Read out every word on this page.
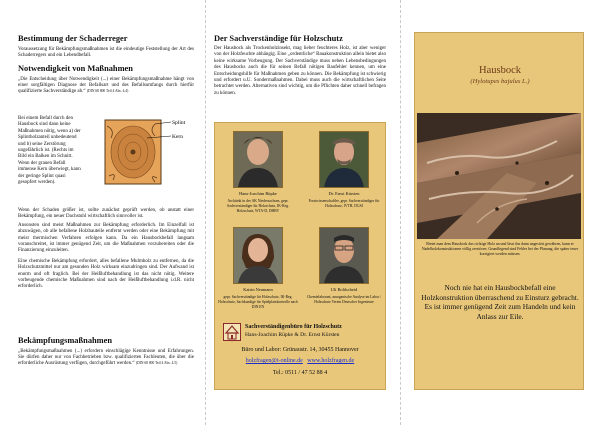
Bestimmung der Schaderreger

Voraussetzung für Bekämpfungsmaßnahmen ist die eindeutige Feststellung der Art des Schaderregers und ein Lebendbefall.

Notwendigkeit von Maßnahmen

„Die Entscheidung über Notwendigkeit (...) einer Bekämpfungsmaßnahme hängt von einer sorgfältigen Diagnose der Befallsart und des Befallsumfangs durch hierfür qualifizierte Sachverständige ab.“ (DIN 68 800 Teil 4 Abs. 4.4)

Bei einem Befall durch den Hausbock sind dann keine Maßnahmen nötig, wenn a) der Splintholzanteil unbedeutend und b) seine Zerstörung ungefährlich ist. (Rechts im Bild ein Balken im Schnitt. Wenn der grauen Befall immense Kern überwiegt, kann der geringe Splint quasi gesopfert werden).

Splint
Kern

Wenn der Schaden größer ist, sollte zunächst geprüft werden, ob anstatt einer Bekämpfung, ein neuer Dachstuhl wirtschaftlich sinnvoller ist.

Ansonsten sind meist Maßnahmen zur Bekämpfung erforderlich. Im Einzelfall ist abzuwägen, ob alle befallene Holzbauteile entfernt werden oder eine Bekämpfung mit meist thermischen Verfahren erfolgen kann. Da ein Hausbockbefall langsam voranschreitet, ist immer genügend Zeit, um die Maßnahmen vorzubereiten oder die Finanzierung einzuleiten.

Eine chemische Bekämpfung erfordert, alles befallene Mulmholz zu entfernen, da die Holzschutzmittel nur am gesunden Holz wirksam einzudringen sind. Der Aufwand ist enorm und oft fraglich. Bei der Heißluftbehandlung ist das nicht nötig. Weitere vorbeugende chemische Maßnahmen sind nach der Heißluftbehandlung i.d.R. nicht erforderlich.

Bekämpfungsmaßnahmen

„Bekämpfungsmaßnahmen (...) erfordern einschlägige Kenntnisse und Erfahrungen. Sie dürfen daher nur von Fachbetrieben bzw. qualifizierten Fachleuten, die über die erforderliche Ausrüstung verfügen, durchgeführt werden.“ (DIN 68 800 Teil 4 Abs. 4.5)

Der Sachverständige für Holzschutz

Der Hausbock als Trockenholzinsekt, mag lieber feuchteres Holz, ist aber weniger von der Holzfeuchte abhängig. Eine „ordentliche“ Bauakonstruktion allein bietet also keine wirksame Vorbeugung. Der Sachverständige muss neben Lebensbedingungen des Hausbocks auch die für seinen Befall nötigen Baufehler kennen, um eine Entscheidungshilfe für Maßnahmen geben zu können. Die Bekämpfung ist schwierig und erfordert u.U. Sondermaßnahmen. Dabei muss auch die wirtschaftlichen Seite betrachtet werden. Alternativen sind wichtig, um die Pflichten daher schnell befragen zu können.

Hans-Joachim Rüpke
Architekt in der AK Niedersachsen, gepr. Sachverständiger für Holzschutz, IK-Reg. Holzschutz, WTA-D, DHBV
Dr. Ernst Kürsten
Forstwissenschaftler, gepr. Sachverständiger für Holzschutz, IVTH, DGSI
Katrin Neumann
gepr. Sachverständige für Holzschutz, IK-Reg. Holzschutz, Sachkundige für Spielplatzkontrolle nach DIN EN
Uli Bohlscheid
Chemielaborant, anorganische Analyse im Labor / Holzschutz Verein Deutscher Ingenieure
Sachverständigenbüro für Holzschutz
Hans-Joachim Rüpke & Dr. Ernst Kürsten
Büro und Labor: Grünaustr. 14, 30455 Hannover
holzfragen@t-online.de www.holzfragen.de
Tel.: 0511 / 47 52 88 4
Hausbock
(Hylotupes bajulus L.)
Bietet man dem Hausbock das richtige Holz an und lässt ihn dann ungestört gewähren, kann er Nadelholzkonstruktionen völlig zerstören. Grundlegend sind Fehler bei der Planung, die später teuer korrigiert werden müssen.
Noch nie hat ein Hausbockbefall eine Holzkonstruktion überraschend zu Einsturz gebracht. Es ist immer genügend Zeit zum Handeln und kein Anlass zur Eile.
